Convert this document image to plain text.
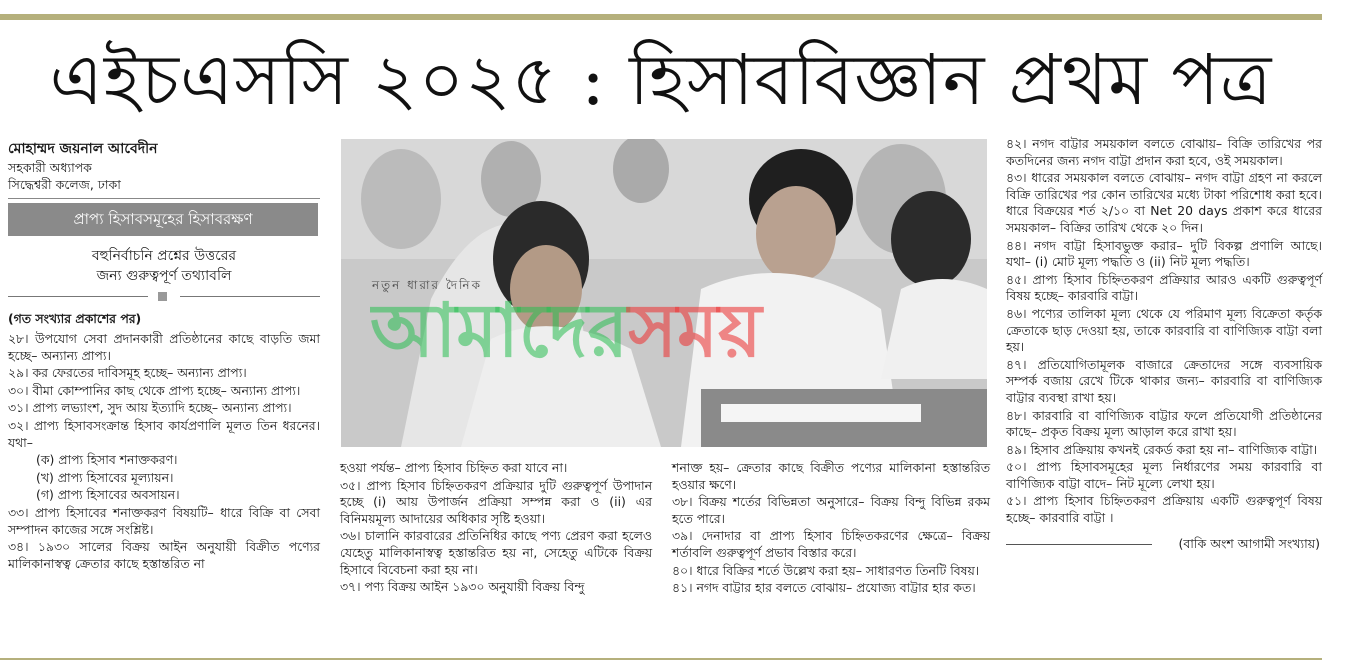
এইচএসসি ২০২৫ : হিসাববিজ্ঞান প্রথম পত্র
মোহাম্মদ জয়নাল আবেদীন
সহকারী অধ্যাপক
সিদ্ধেশ্বরী কলেজ, ঢাকা
প্রাপ্য হিসাবসমূহের হিসাবরক্ষণ
বহুনির্বাচনি প্রশ্নের উত্তরের
জন্য গুরুত্বপূর্ণ তথ্যাবলি
(গত সংখ্যার প্রকাশের পর)
২৮। উপযোগ সেবা প্রদানকারী প্রতিষ্ঠানের কাছে বাড়তি জমা হচ্ছে– অন্যান্য প্রাপ্য।
২৯। কর ফেরতের দাবিসমূহ হচ্ছে– অন্যান্য প্রাপ্য।
৩০। বীমা কোম্পানির কাছ থেকে প্রাপ্য হচ্ছে– অন্যান্য প্রাপ্য।
৩১। প্রাপ্য লভ্যাংশ, সুদ আয় ইত্যাদি হচ্ছে– অন্যান্য প্রাপ্য।
৩২। প্রাপ্য হিসাবসংক্রান্ত হিসাব কার্যপ্রণালি মূলত তিন ধরনের। যথা–
(ক) প্রাপ্য হিসাব শনাক্তকরণ।
(খ) প্রাপ্য হিসাবের মূল্যায়ন।
(গ) প্রাপ্য হিসাবের অবসায়ন।
৩৩। প্রাপ্য হিসাবের শনাক্তকরণ বিষয়টি– ধারে বিক্রি বা সেবা সম্পাদন কাজের সঙ্গে সংশ্লিষ্ট।
৩৪। ১৯৩০ সালের বিক্রয় আইন অনুযায়ী বিক্রীত পণ্যের মালিকানাস্বত্ব ক্রেতার কাছে হস্তান্তরিত না
নতুন ধারার দৈনিক
আমাদেরসময়
হওয়া পর্যন্ত– প্রাপ্য হিসাব চিহ্নিত করা যাবে না।
৩৫। প্রাপ্য হিসাব চিহ্নিতকরণ প্রক্রিয়ার দুটি গুরুত্বপূর্ণ উপাদান হচ্ছে (i) আয় উপার্জন প্রক্রিয়া সম্পন্ন করা ও (ii) এর বিনিময়মূল্য আদায়ের অধিকার সৃষ্টি হওয়া।
৩৬। চালানি কারবারের প্রতিনিধির কাছে পণ্য প্রেরণ করা হলেও যেহেতু মালিকানাস্বত্ব হস্তান্তরিত হয় না, সেহেতু এটিকে বিক্রয় হিসাবে বিবেচনা করা হয় না।
৩৭। পণ্য বিক্রয় আইন ১৯৩০ অনুযায়ী বিক্রয় বিন্দু
শনাক্ত হয়– ক্রেতার কাছে বিক্রীত পণ্যের মালিকানা হস্তান্তরিত হওয়ার ক্ষণে।
৩৮। বিক্রয় শর্তের বিভিন্নতা অনুসারে– বিক্রয় বিন্দু বিভিন্ন রকম হতে পারে।
৩৯। দেনাদার বা প্রাপ্য হিসাব চিহ্নিতকরণের ক্ষেত্রে– বিক্রয় শর্তাবলি গুরুত্বপূর্ণ প্রভাব বিস্তার করে।
৪০। ধারে বিক্রির শর্তে উল্লেখ করা হয়– সাধারণত তিনটি বিষয়।
৪১। নগদ বাট্টার হার বলতে বোঝায়– প্রযোজ্য বাট্টার হার কত।
৪২। নগদ বাট্টার সময়কাল বলতে বোঝায়– বিক্রি তারিখের পর কতদিনের জন্য নগদ বাট্টা প্রদান করা হবে, ওই সময়কাল।
৪৩। ধারের সময়কাল বলতে বোঝায়– নগদ বাট্টা গ্রহণ না করলে বিক্রি তারিখের পর কোন তারিখের মধ্যে টাকা পরিশোধ করা হবে। ধারে বিক্রয়ের শর্ত ২/১০ বা Net 20 days প্রকাশ করে ধারের সময়কাল– বিক্রির তারিখ থেকে ২০ দিন।
৪৪। নগদ বাট্টা হিসাবভুক্ত করার– দুটি বিকল্প প্রণালি আছে। যথা– (i) মোট মূল্য পদ্ধতি ও (ii) নিট মূল্য পদ্ধতি।
৪৫। প্রাপ্য হিসাব চিহ্নিতকরণ প্রক্রিয়ার আরও একটি গুরুত্বপূর্ণ বিষয় হচ্ছে– কারবারি বাট্টা।
৪৬। পণ্যের তালিকা মূল্য থেকে যে পরিমাণ মূল্য বিক্রেতা কর্তৃক ক্রেতাকে ছাড় দেওয়া হয়, তাকে কারবারি বা বাণিজ্যিক বাট্টা বলা হয়।
৪৭। প্রতিযোগিতামূলক বাজারে ক্রেতাদের সঙ্গে ব্যবসায়িক সম্পর্ক বজায় রেখে টিকে থাকার জন্য– কারবারি বা বাণিজ্যিক বাট্টার ব্যবস্থা রাখা হয়।
৪৮। কারবারি বা বাণিজ্যিক বাট্টার ফলে প্রতিযোগী প্রতিষ্ঠানের কাছে– প্রকৃত বিক্রয় মূল্য আড়াল করে রাখা হয়।
৪৯। হিসাব প্রক্রিয়ায় কখনই রেকর্ড করা হয় না– বাণিজ্যিক বাট্টা।
৫০। প্রাপ্য হিসাবসমূহের মূল্য নির্ধারণের সময় কারবারি বা বাণিজ্যিক বাট্টা বাদে– নিট মূল্যে লেখা হয়।
৫১। প্রাপ্য হিসাব চিহ্নিতকরণ প্রক্রিয়ায় একটি গুরুত্বপূর্ণ বিষয় হচ্ছে– কারবারি বাট্টা ।
(বাকি অংশ আগামী সংখ্যায়)
